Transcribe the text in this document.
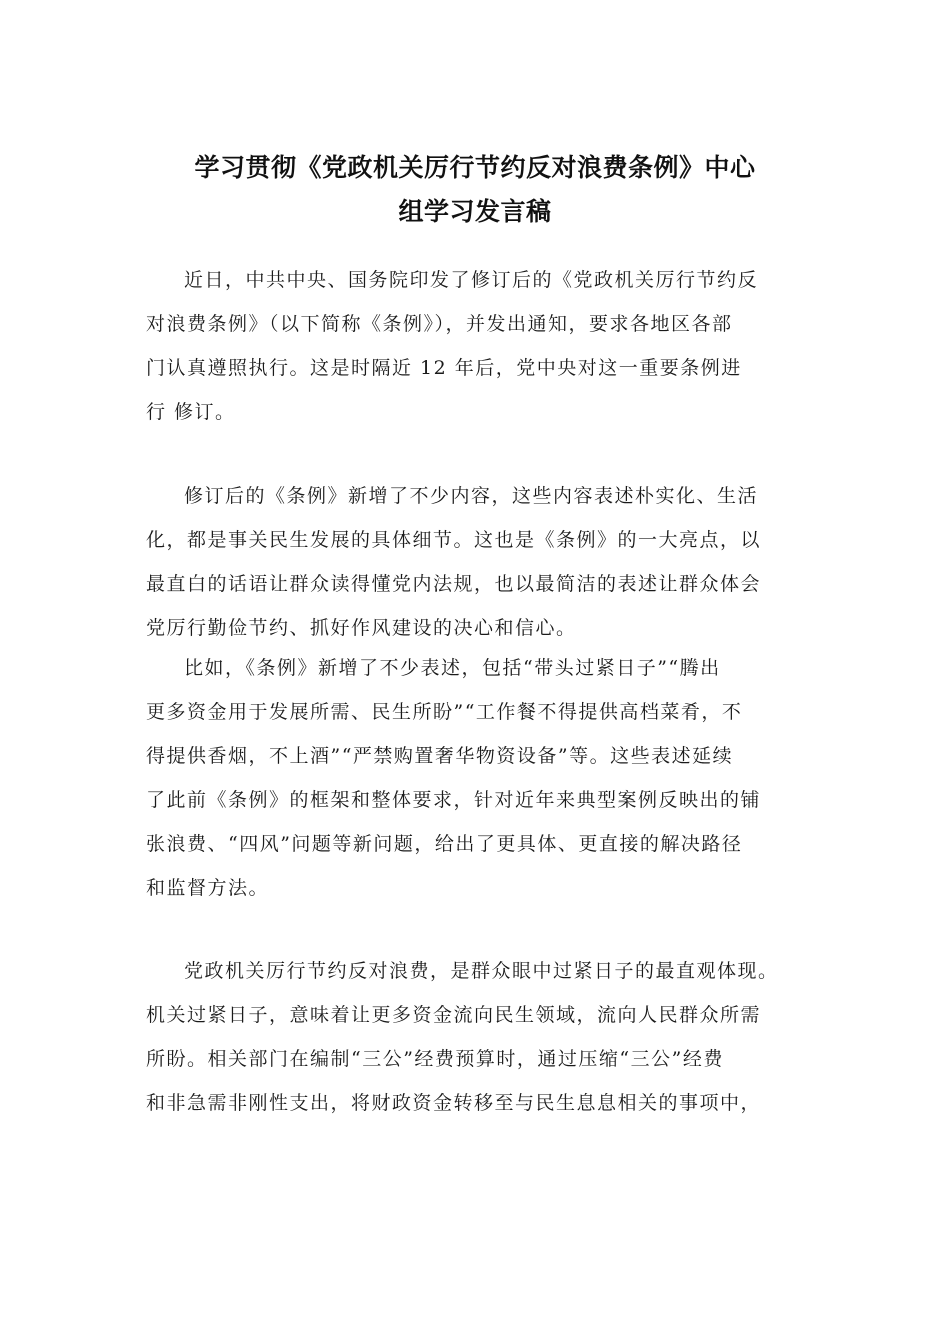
学习贯彻《党政机关厉行节约反对浪费条例》中心
组学习发言稿
近日，中共中央、国务院印发了修订后的《党政机关厉行节约反
对浪费条例》（以下简称《条例》），并发出通知，要求各地区各部
门认真遵照执行。这是时隔近 12 年后，党中央对这一重要条例进
行 修订。
修订后的《条例》新增了不少内容，这些内容表述朴实化、生活
化，都是事关民生发展的具体细节。这也是《条例》的一大亮点，以
最直白的话语让群众读得懂党内法规，也以最简洁的表述让群众体会
党厉行勤俭节约、抓好作风建设的决心和信心。
比如，《条例》新增了不少表述，包括“带头过紧日子”“腾出
更多资金用于发展所需、民生所盼”“工作餐不得提供高档菜肴，不
得提供香烟，不上酒”“严禁购置奢华物资设备”等。这些表述延续
了此前《条例》的框架和整体要求，针对近年来典型案例反映出的铺
张浪费、“四风”问题等新问题，给出了更具体、更直接的解决路径
和监督方法。
党政机关厉行节约反对浪费，是群众眼中过紧日子的最直观体现。
机关过紧日子，意味着让更多资金流向民生领域，流向人民群众所需
所盼。相关部门在编制“三公”经费预算时，通过压缩“三公”经费
和非急需非刚性支出，将财政资金转移至与民生息息相关的事项中，
